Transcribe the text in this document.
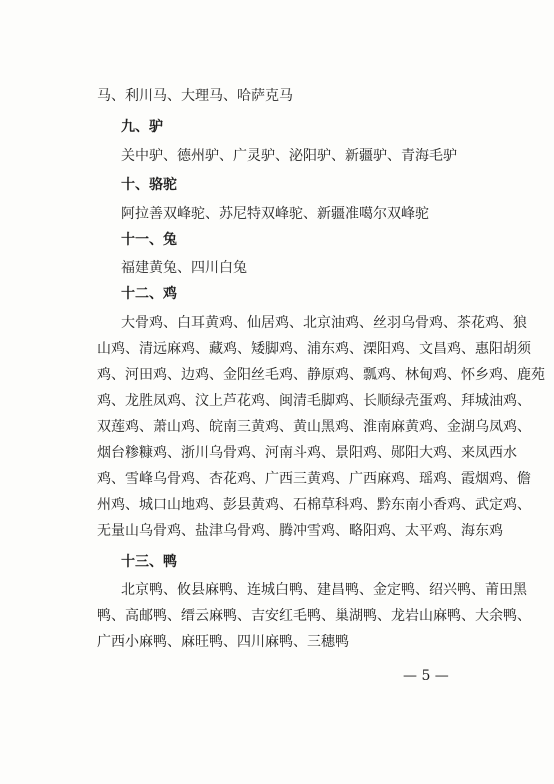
马、利川马、大理马、哈萨克马
九、驴
关中驴、德州驴、广灵驴、泌阳驴、新疆驴、青海毛驴
十、骆驼
阿拉善双峰驼、苏尼特双峰驼、新疆准噶尔双峰驼
十一、兔
福建黄兔、四川白兔
十二、鸡
大骨鸡、白耳黄鸡、仙居鸡、北京油鸡、丝羽乌骨鸡、茶花鸡、狼
山鸡、清远麻鸡、藏鸡、矮脚鸡、浦东鸡、溧阳鸡、文昌鸡、惠阳胡须
鸡、河田鸡、边鸡、金阳丝毛鸡、静原鸡、瓢鸡、林甸鸡、怀乡鸡、鹿苑
鸡、龙胜凤鸡、汶上芦花鸡、闽清毛脚鸡、长顺绿壳蛋鸡、拜城油鸡、
双莲鸡、萧山鸡、皖南三黄鸡、黄山黑鸡、淮南麻黄鸡、金湖乌凤鸡、
烟台糁糠鸡、浙川乌骨鸡、河南斗鸡、景阳鸡、郧阳大鸡、来凤西水
鸡、雪峰乌骨鸡、杏花鸡、广西三黄鸡、广西麻鸡、瑶鸡、霞烟鸡、儋
州鸡、城口山地鸡、彭县黄鸡、石棉草科鸡、黔东南小香鸡、武定鸡、
无量山乌骨鸡、盐津乌骨鸡、腾冲雪鸡、略阳鸡、太平鸡、海东鸡
十三、鸭
北京鸭、攸县麻鸭、连城白鸭、建昌鸭、金定鸭、绍兴鸭、莆田黑
鸭、高邮鸭、缙云麻鸭、吉安红毛鸭、巢湖鸭、龙岩山麻鸭、大余鸭、
广西小麻鸭、麻旺鸭、四川麻鸭、三穗鸭
— 5 —
